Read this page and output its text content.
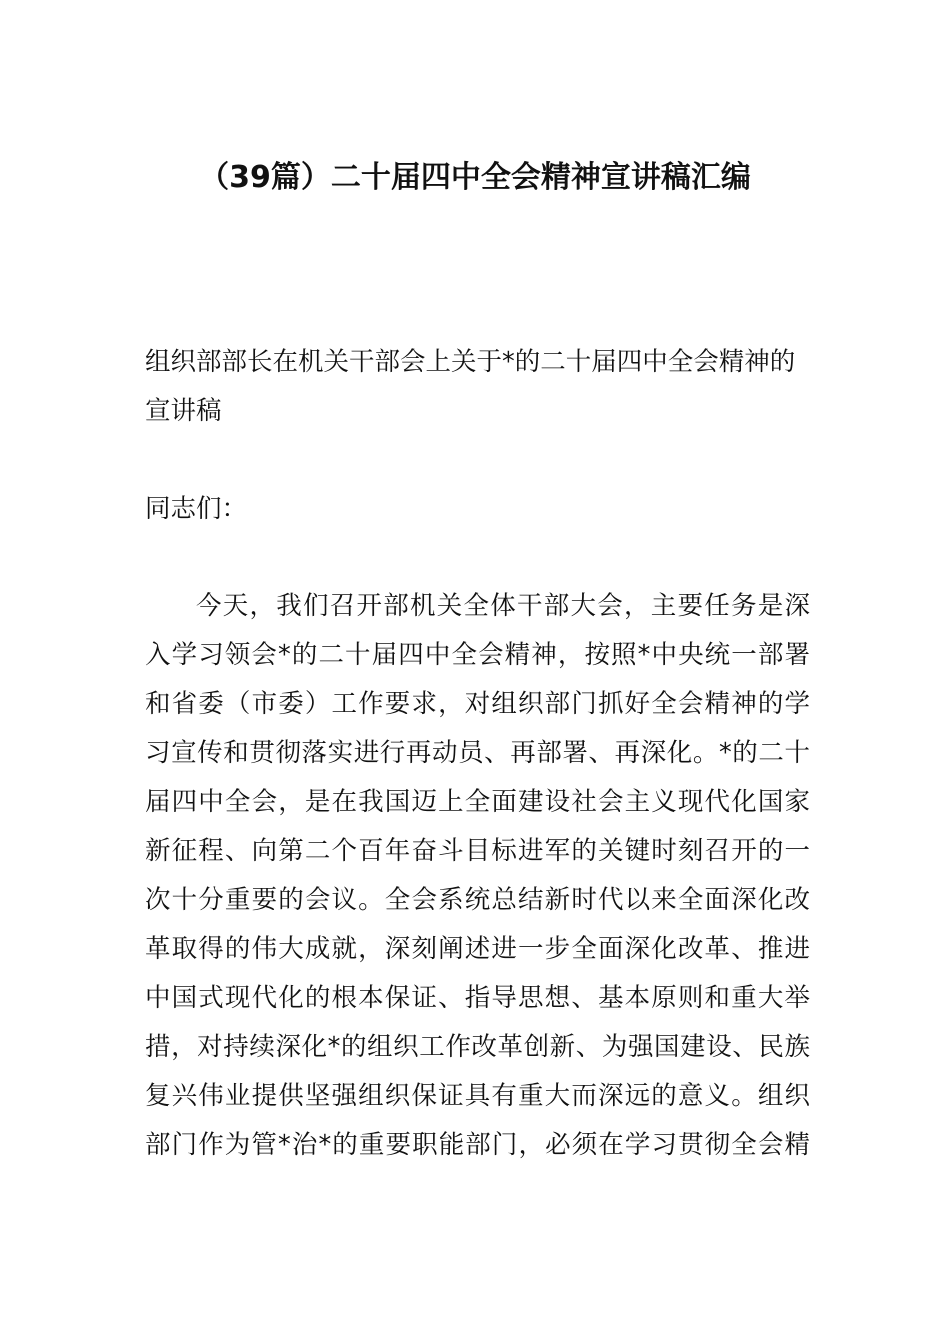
（39篇）二十届四中全会精神宣讲稿汇编
组织部部长在机关干部会上关于*的二十届四中全会精神的
宣讲稿
同志们：
今天，我们召开部机关全体干部大会，主要任务是深
入学习领会*的二十届四中全会精神，按照*中央统一部署
和省委（市委）工作要求，对组织部门抓好全会精神的学
习宣传和贯彻落实进行再动员、再部署、再深化。*的二十
届四中全会，是在我国迈上全面建设社会主义现代化国家
新征程、向第二个百年奋斗目标进军的关键时刻召开的一
次十分重要的会议。全会系统总结新时代以来全面深化改
革取得的伟大成就，深刻阐述进一步全面深化改革、推进
中国式现代化的根本保证、指导思想、基本原则和重大举
措，对持续深化*的组织工作改革创新、为强国建设、民族
复兴伟业提供坚强组织保证具有重大而深远的意义。组织
部门作为管*治*的重要职能部门，必须在学习贯彻全会精
